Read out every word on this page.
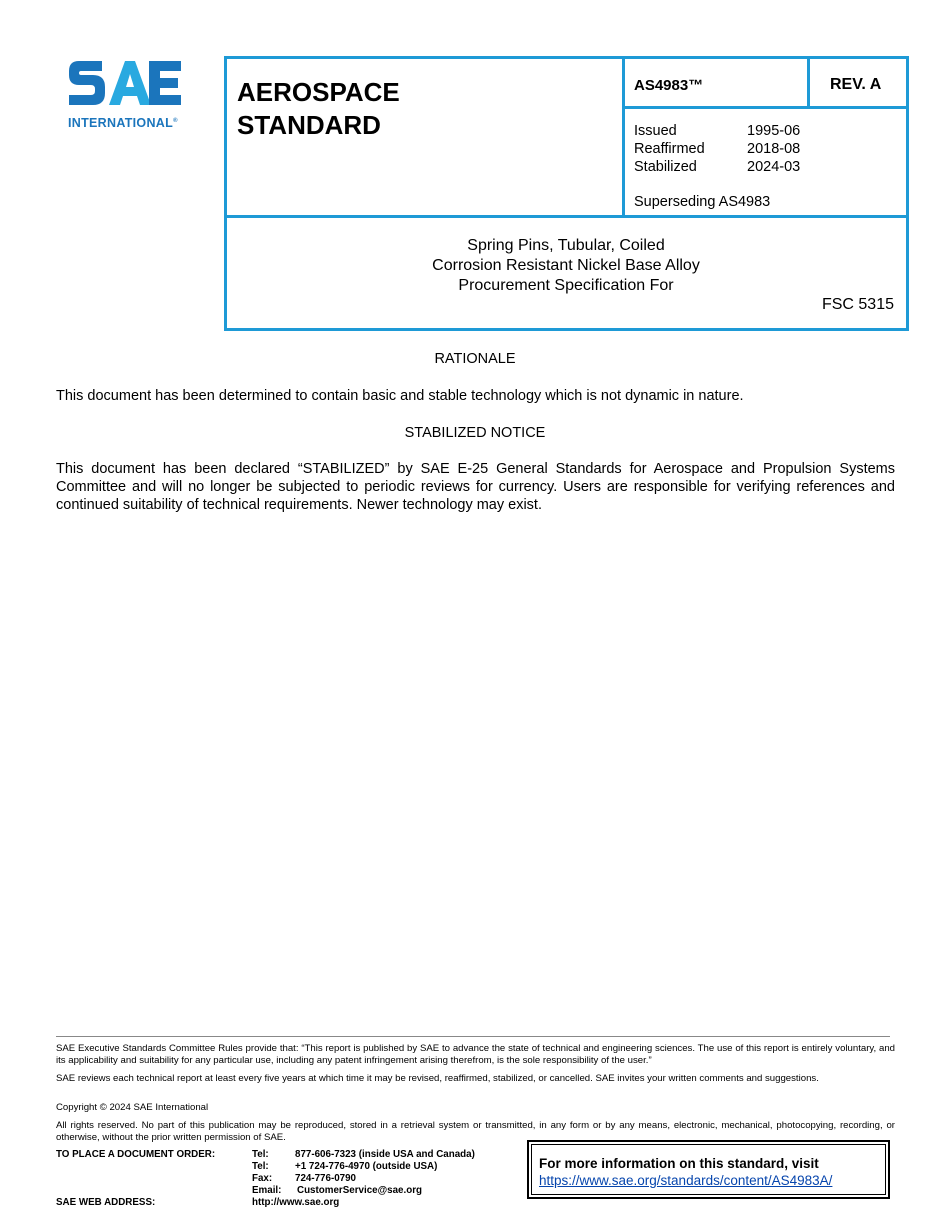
INTERNATIONAL®
AEROSPACE
STANDARD
AS4983™	REV. A
Issued	1995-06
Reaffirmed	2018-08
Stabilized	2024-03
Superseding AS4983
Spring Pins, Tubular, Coiled
Corrosion Resistant Nickel Base Alloy
Procurement Specification For
FSC 5315
RATIONALE
This document has been determined to contain basic and stable technology which is not dynamic in nature.
STABILIZED NOTICE
This document has been declared “STABILIZED” by SAE E-25 General Standards for Aerospace and Propulsion Systems Committee and will no longer be subjected to periodic reviews for currency. Users are responsible for verifying references and continued suitability of technical requirements. Newer technology may exist.
SAE Executive Standards Committee Rules provide that: “This report is published by SAE to advance the state of technical and engineering sciences. The use of this report is entirely voluntary, and its applicability and suitability for any particular use, including any patent infringement arising therefrom, is the sole responsibility of the user.”
SAE reviews each technical report at least every five years at which time it may be revised, reaffirmed, stabilized, or cancelled. SAE invites your written comments and suggestions.
Copyright © 2024 SAE International
All rights reserved. No part of this publication may be reproduced, stored in a retrieval system or transmitted, in any form or by any means, electronic, mechanical, photocopying, recording, or otherwise, without the prior written permission of SAE.
TO PLACE A DOCUMENT ORDER:	Tel:	877-606-7323 (inside USA and Canada)
Tel:	+1 724-776-4970 (outside USA)
Fax: 724-776-0790
Email: CustomerService@sae.org
SAE WEB ADDRESS:	http://www.sae.org
For more information on this standard, visit
https://www.sae.org/standards/content/AS4983A/
